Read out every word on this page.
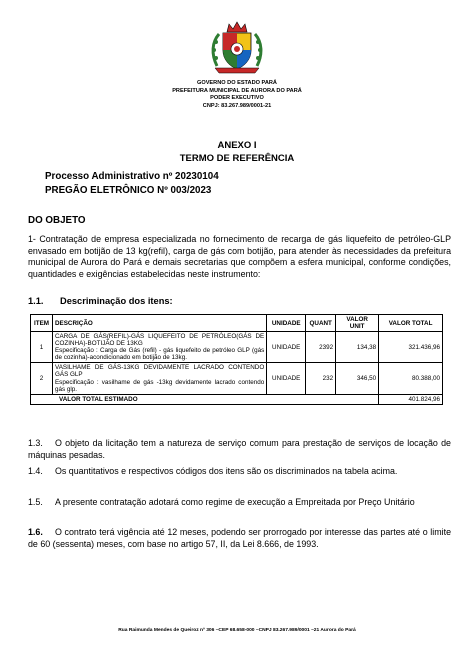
GOVERNO DO ESTADO PARÁ
PREFEITURA MUNICIPAL DE AURORA DO PARÁ
PODER EXECUTIVO
CNPJ: 83.267.989/0001-21
ANEXO I
TERMO DE REFERÊNCIA
Processo Administrativo nº 20230104
PREGÃO ELETRÔNICO Nº 003/2023
DO OBJETO
1- Contratação de empresa especializada no fornecimento de recarga de gás liquefeito de petróleo-GLP envasado em botijão de 13 kg(refil), carga de gás com botijão, para atender às necessidades da prefeitura municipal de Aurora do Pará e demais secretarias que compõem a esfera municipal, conforme condições, quantidades e exigências estabelecidas neste instrumento:
1.1. Descriminação dos itens:
ITEM	DESCRIÇÃO	UNIDADE	QUANT	VALOR UNIT	VALOR TOTAL
1	CARGA DE GÁS(REFIL)-GÁS LIQUEFEITO DE PETRÓLEO(GÁS DE COZINHA)-BOTIJÃO DE 13KG
Especificação : Carga de Gás (refil) - gás liquefeito de petróleo GLP (gás de cozinha)-acondicionado em botijão de 13kg.	UNIDADE	2392	134,38	321.436,96
2	VASILHAME DE GÁS-13KG DEVIDAMENTE LACRADO CONTENDO GÁS GLP
Especificação : vasilhame de gás -13kg devidamente lacrado contendo gás glp.	UNIDADE	232	346,50	80.388,00
VALOR TOTAL ESTIMADO					401.824,96
1.3. O objeto da licitação tem a natureza de serviço comum para prestação de serviços de locação de máquinas pesadas.
1.4. Os quantitativos e respectivos códigos dos itens são os discriminados na tabela acima.
1.5. A presente contratação adotará como regime de execução a Empreitada por Preço Unitário
1.6. O contrato terá vigência até 12 meses, podendo ser prorrogado por interesse das partes até o limite de 60 (sessenta) meses, com base no artigo 57, II, da Lei 8.666, de 1993.
Rua Raimunda Mendes de Queiroz nº 306 –CEP 68.658-000 –CNPJ 83.267.989/0001 –21 Aurora do Pará
